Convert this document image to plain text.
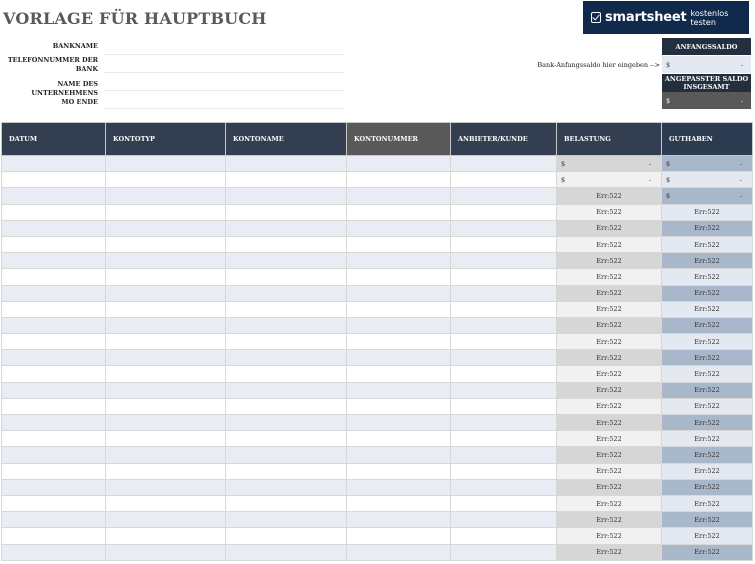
VORLAGE FÜR HAUPTBUCH	smartsheet kostenlos testen
BANKNAME
TELEFONNUMMER DER BANK
NAME DES UNTERNEHMENS
MO ENDE
ANFANGSSALDO
Bank-Anfangssaldo hier eingeben --> $	-
ANGEPASSTER SALDO INSGESAMT
$	-
DATUM	KONTOTYP	KONTONAME	KONTONUMMER	ANBIETER/KUNDE	BELASTUNG	GUTHABEN

					$ -	$ -

					$ -	$ -

					Err:522	$ -

					Err:522	Err:522
					Err:522	Err:522
					Err:522	Err:522
					Err:522	Err:522
					Err:522	Err:522
					Err:522	Err:522
					Err:522	Err:522
					Err:522	Err:522
					Err:522	Err:522
					Err:522	Err:522
					Err:522	Err:522
					Err:522	Err:522
					Err:522	Err:522
					Err:522	Err:522
					Err:522	Err:522
					Err:522	Err:522
					Err:522	Err:522
					Err:522	Err:522
					Err:522	Err:522
					Err:522	Err:522
					Err:522	Err:522
					Err:522	Err:522
